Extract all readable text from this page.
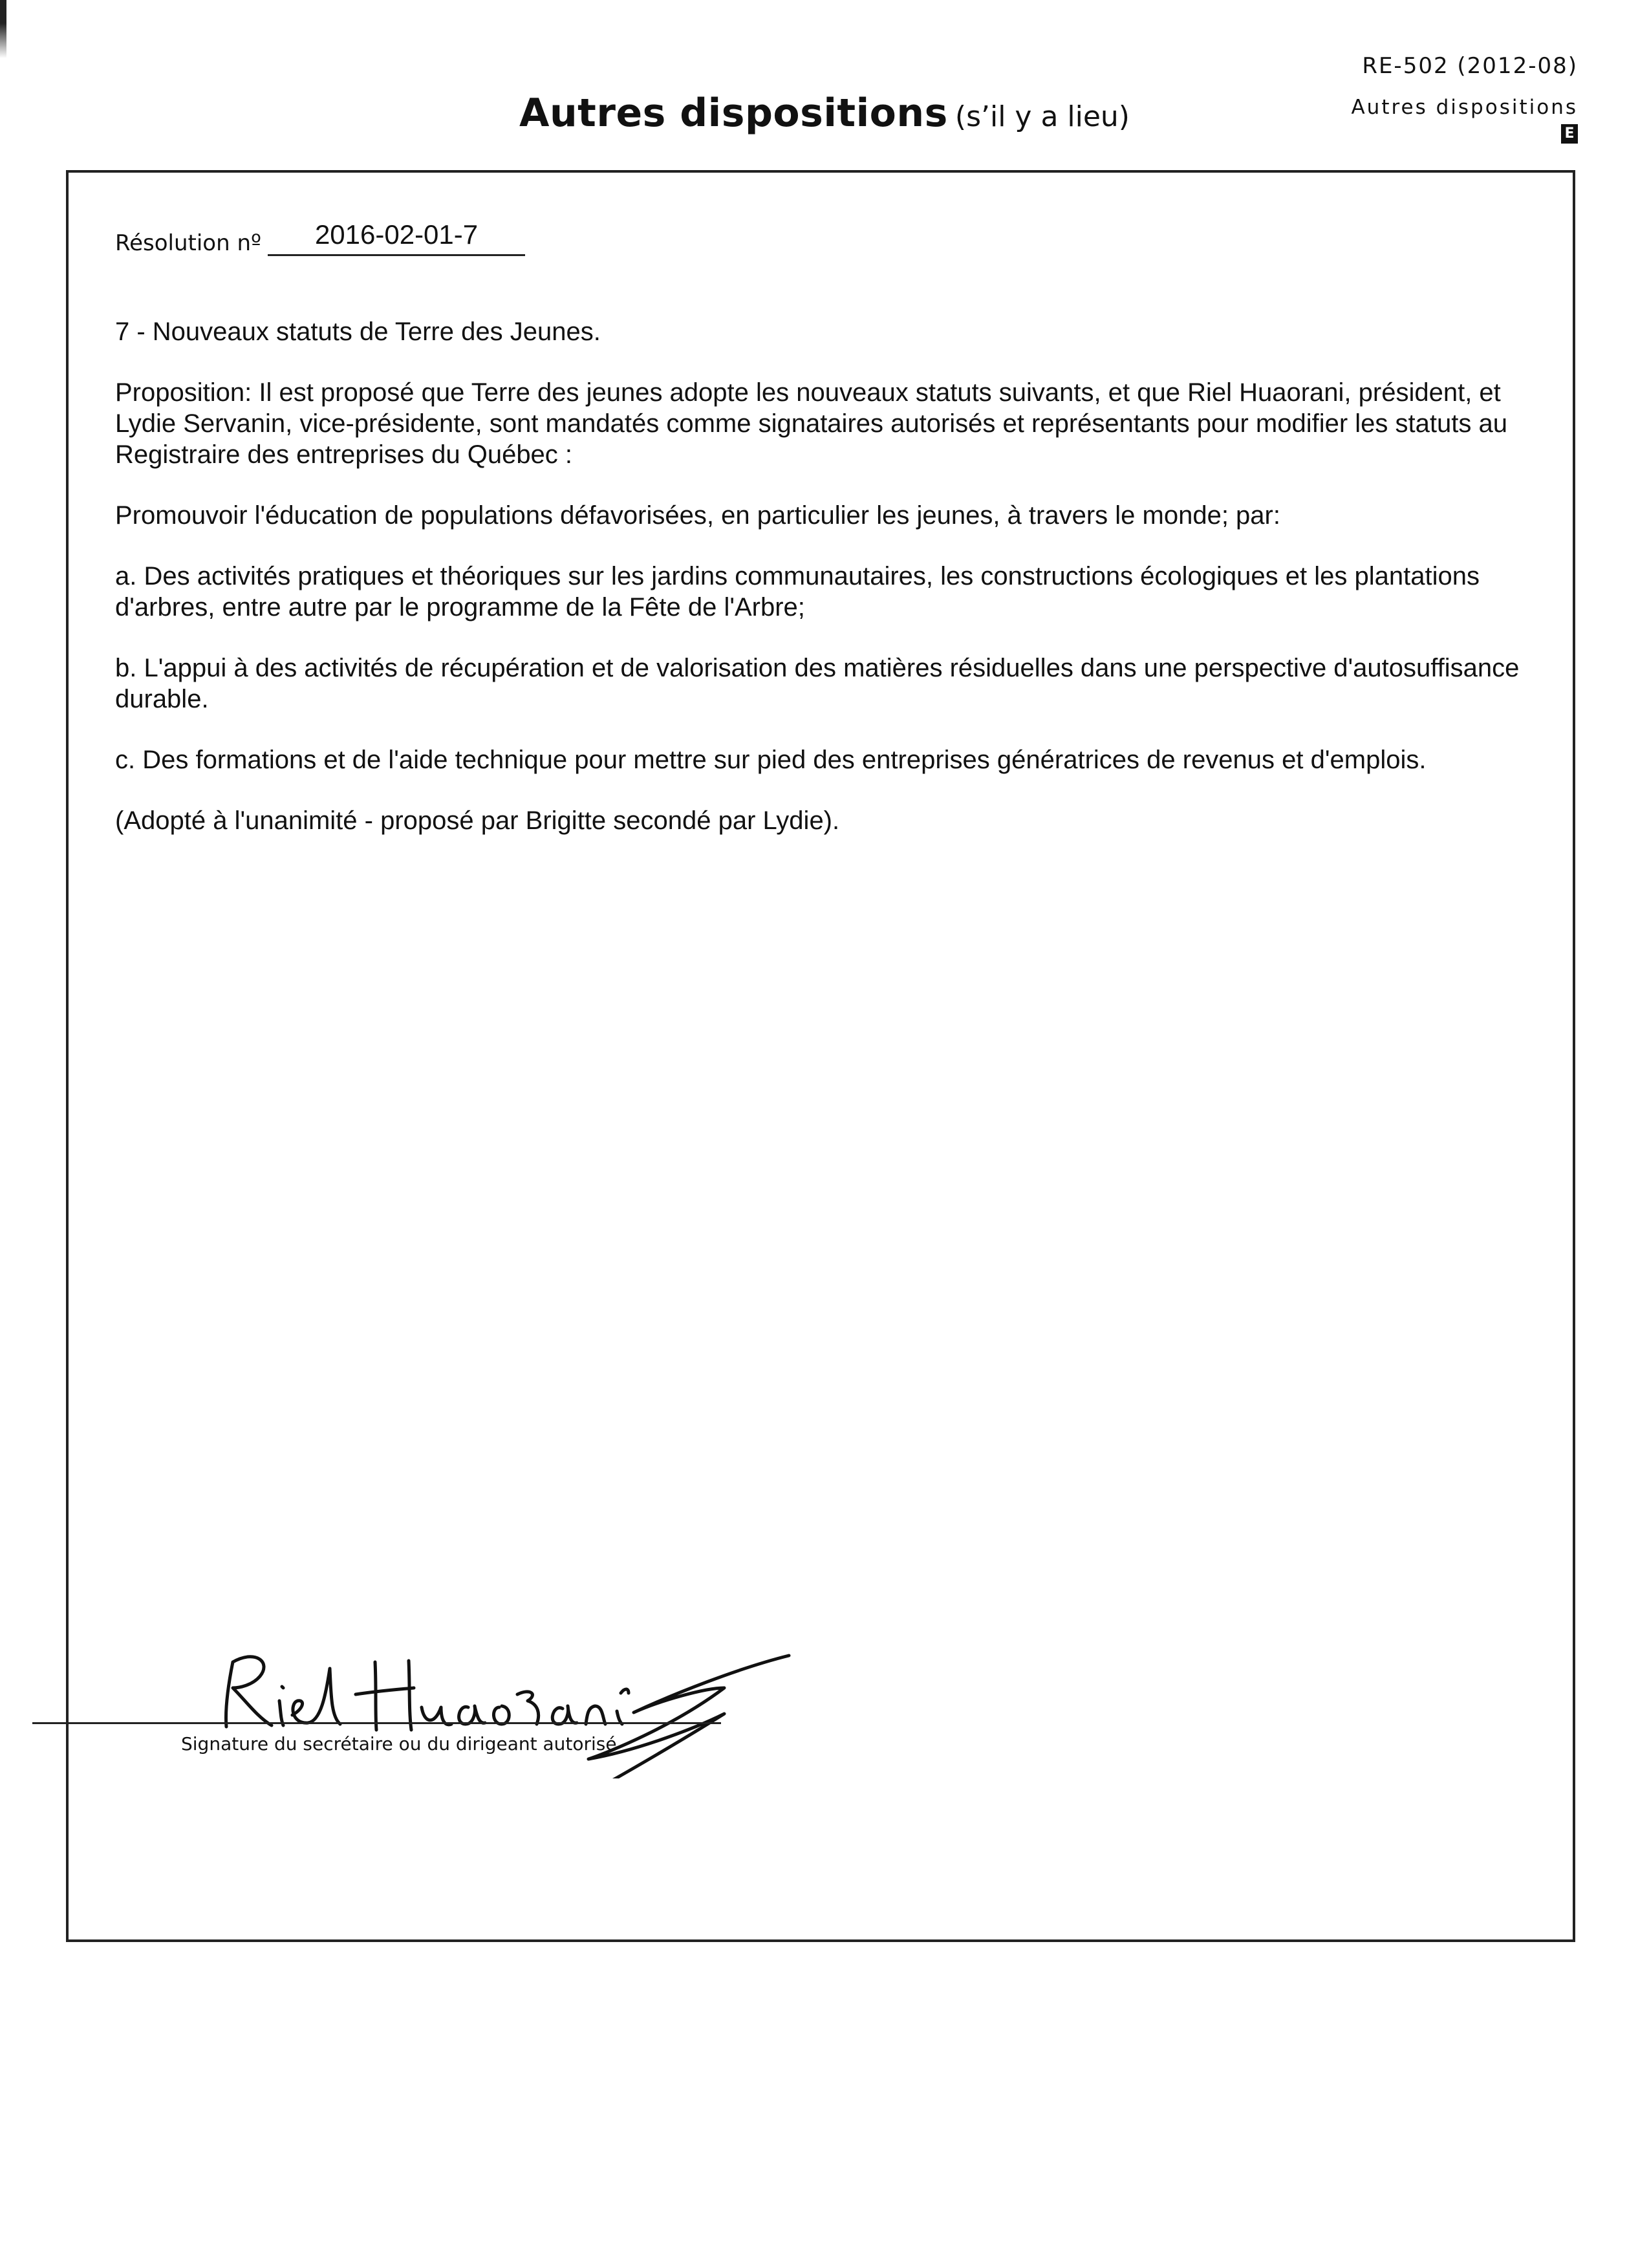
RE-502 (2012-08)
Autres dispositions
E
Autres dispositions (s’il y a lieu)
Résolution nº	2016-02-01-7

7 - Nouveaux statuts de Terre des Jeunes.

Proposition: Il est proposé que Terre des jeunes adopte les nouveaux statuts suivants, et que Riel Huaorani, président, et Lydie Servanin, vice-présidente, sont mandatés comme signataires autorisés et représentants pour modifier les statuts au Registraire des entreprises du Québec :

Promouvoir l'éducation de populations défavorisées, en particulier les jeunes, à travers le monde; par:

a. Des activités pratiques et théoriques sur les jardins communautaires, les constructions écologiques et les plantations d'arbres, entre autre par le programme de la Fête de l'Arbre;
b. L'appui à des activités de récupération et de valorisation des matières résiduelles dans une perspective d'autosuffisance durable.
c. Des formations et de l'aide technique pour mettre sur pied des entreprises génératrices de revenus et d'emplois.

(Adopté à l'unanimité - proposé par Brigitte secondé par Lydie).

Signature du secrétaire ou du dirigeant autorisé
